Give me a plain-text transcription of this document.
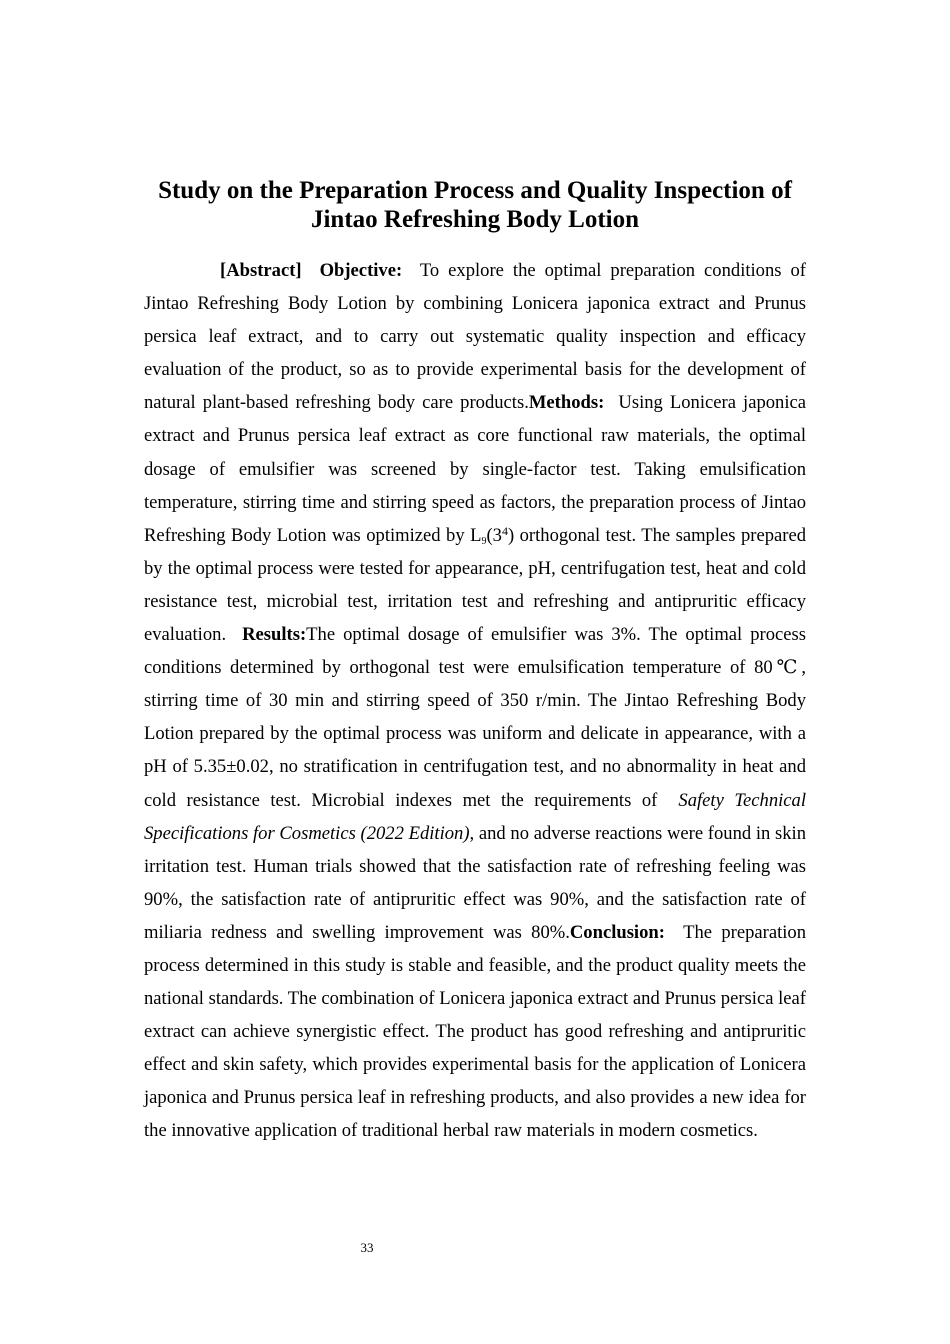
Study on the Preparation Process and Quality Inspection of
Jintao Refreshing Body Lotion

[Abstract] Objective: To explore the optimal preparation conditions of Jintao Refreshing Body Lotion by combining Lonicera japonica extract and Prunus persica leaf extract, and to carry out systematic quality inspection and efficacy evaluation of the product, so as to provide experimental basis for the development of natural plant-based refreshing body care products.Methods: Using Lonicera japonica extract and Prunus persica leaf extract as core functional raw materials, the optimal dosage of emulsifier was screened by single-factor test. Taking emulsification temperature, stirring time and stirring speed as factors, the preparation process of Jintao Refreshing Body Lotion was optimized by $L_9(3^4)$ orthogonal test. The samples prepared by the optimal process were tested for appearance, pH, centrifugation test, heat and cold resistance test, microbial test, irritation test and refreshing and antipruritic efficacy evaluation. Results:The optimal dosage of emulsifier was 3%. The optimal process conditions determined by orthogonal test were emulsification temperature of 80℃, stirring time of 30 min and stirring speed of 350 r/min. The Jintao Refreshing Body Lotion prepared by the optimal process was uniform and delicate in appearance, with a pH of 5.35±0.02, no stratification in centrifugation test, and no abnormality in heat and cold resistance test. Microbial indexes met the requirements of Safety Technical Specifications for Cosmetics (2022 Edition), and no adverse reactions were found in skin irritation test. Human trials showed that the satisfaction rate of refreshing feeling was 90%, the satisfaction rate of antipruritic effect was 90%, and the satisfaction rate of miliaria redness and swelling improvement was 80%.Conclusion: The preparation process determined in this study is stable and feasible, and the product quality meets the national standards. The combination of Lonicera japonica extract and Prunus persica leaf extract can achieve synergistic effect. The product has good refreshing and antipruritic effect and skin safety, which provides experimental basis for the application of Lonicera japonica and Prunus persica leaf in refreshing products, and also provides a new idea for the innovative application of traditional herbal raw materials in modern cosmetics.

33
